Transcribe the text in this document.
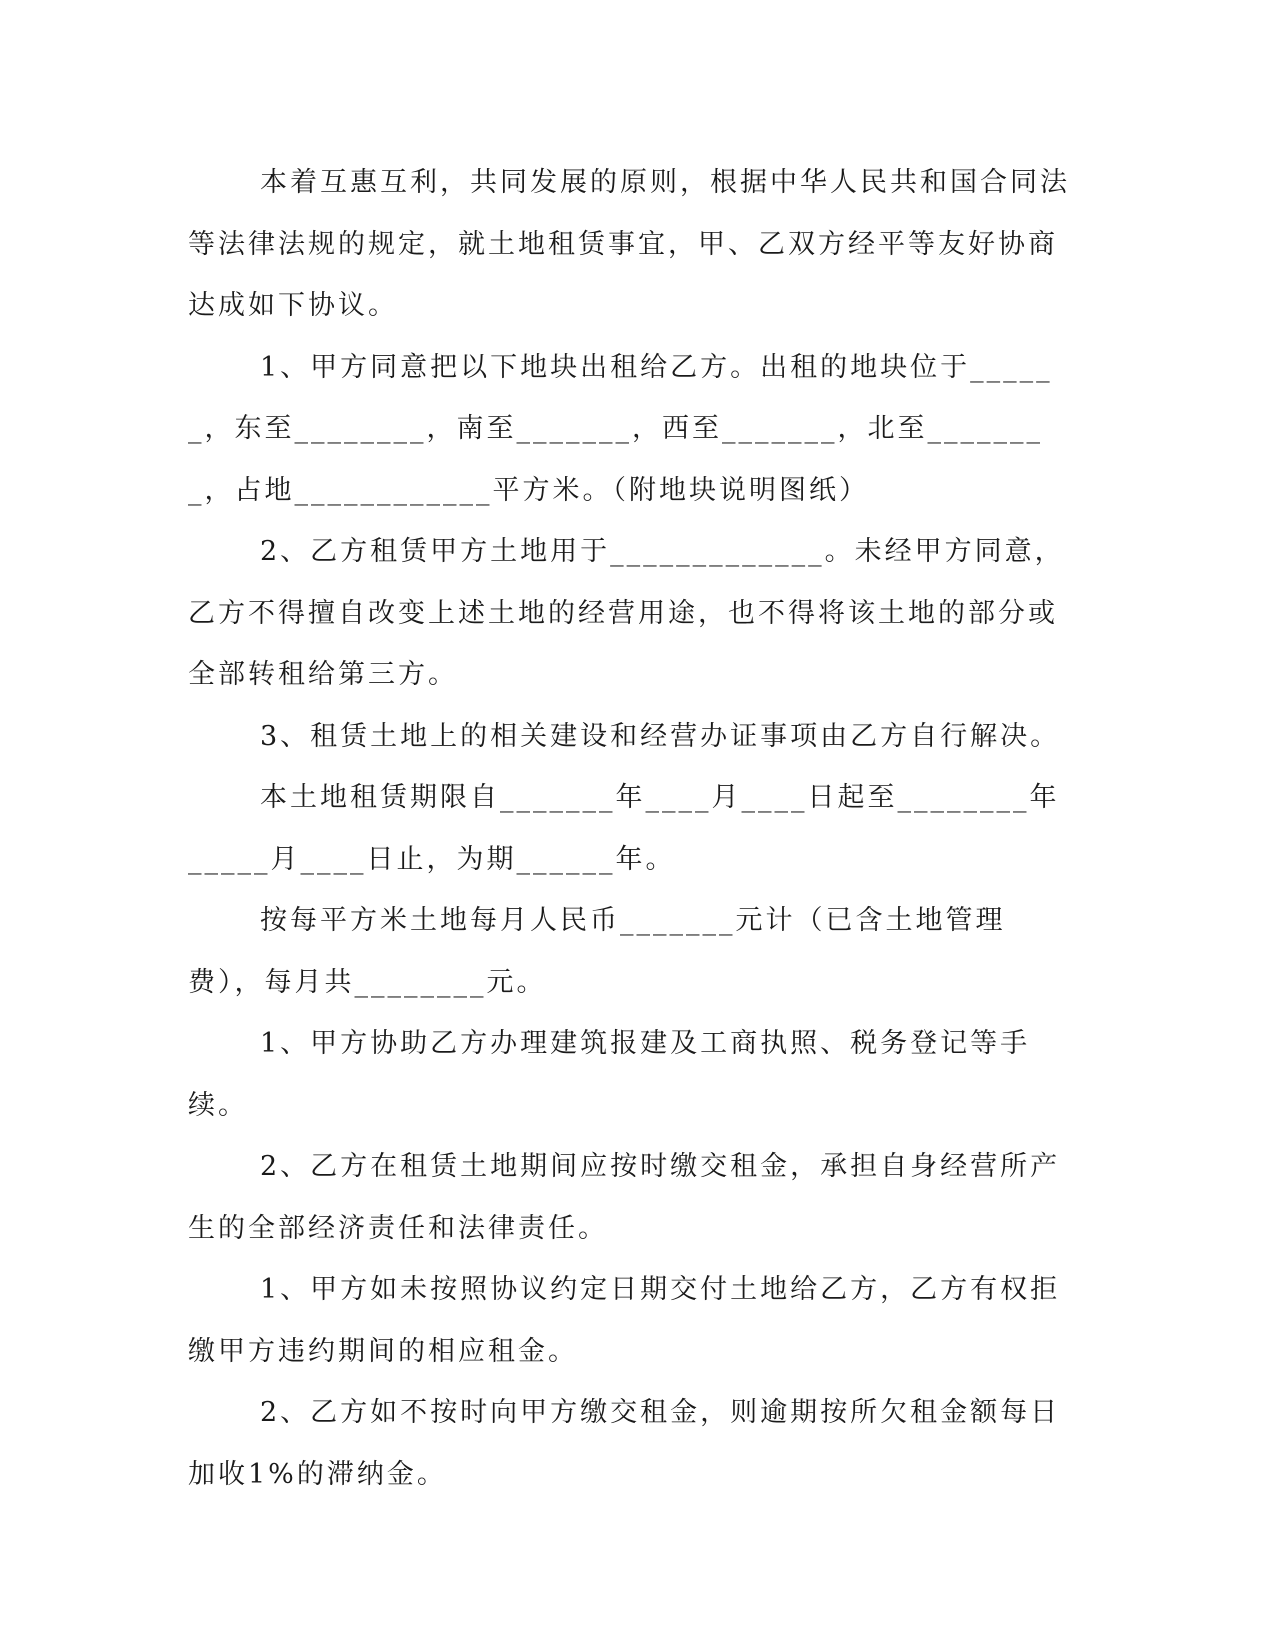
本着互惠互利，共同发展的原则，根据中华人民共和国合同法等法律法规的规定，就土地租赁事宜，甲、乙双方经平等友好协商达成如下协议。

1、甲方同意把以下地块出租给乙方。出租的地块位于______，东至________，南至_______，西至_______，北至________，占地____________平方米。（附地块说明图纸）

2、乙方租赁甲方土地用于_____________。未经甲方同意，乙方不得擅自改变上述土地的经营用途，也不得将该土地的部分或全部转租给第三方。

3、租赁土地上的相关建设和经营办证事项由乙方自行解决。

本土地租赁期限自_______年____月____日起至________年_____月____日止，为期______年。

按每平方米土地每月人民币_______元计（已含土地管理费），每月共________元。

1、甲方协助乙方办理建筑报建及工商执照、税务登记等手续。

2、乙方在租赁土地期间应按时缴交租金，承担自身经营所产生的全部经济责任和法律责任。

1、甲方如未按照协议约定日期交付土地给乙方，乙方有权拒缴甲方违约期间的相应租金。

2、乙方如不按时向甲方缴交租金，则逾期按所欠租金额每日加收1%的滞纳金。
